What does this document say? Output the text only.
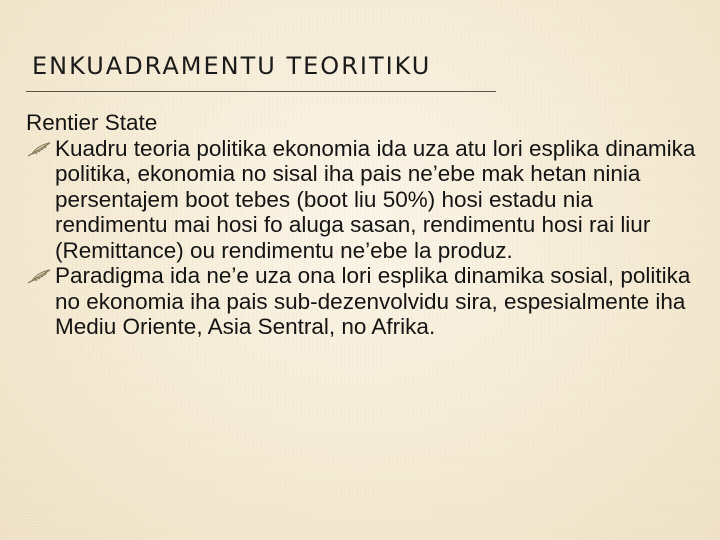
ENKUADRAMENTU TEORITIKU

Rentier State

Kuadru teoria politika ekonomia ida uza atu lori esplika dinamika politika, ekonomia no sisal iha pais ne’ebe mak hetan ninia persentajem boot tebes (boot liu 50%) hosi estadu nia rendimentu mai hosi fo aluga sasan, rendimentu hosi rai liur (Remittance) ou rendimentu ne’ebe la produz.
Paradigma ida ne’e uza ona lori esplika dinamika sosial, politika no ekonomia iha pais sub-dezenvolvidu sira, espesialmente iha Mediu Oriente, Asia Sentral, no Afrika.
